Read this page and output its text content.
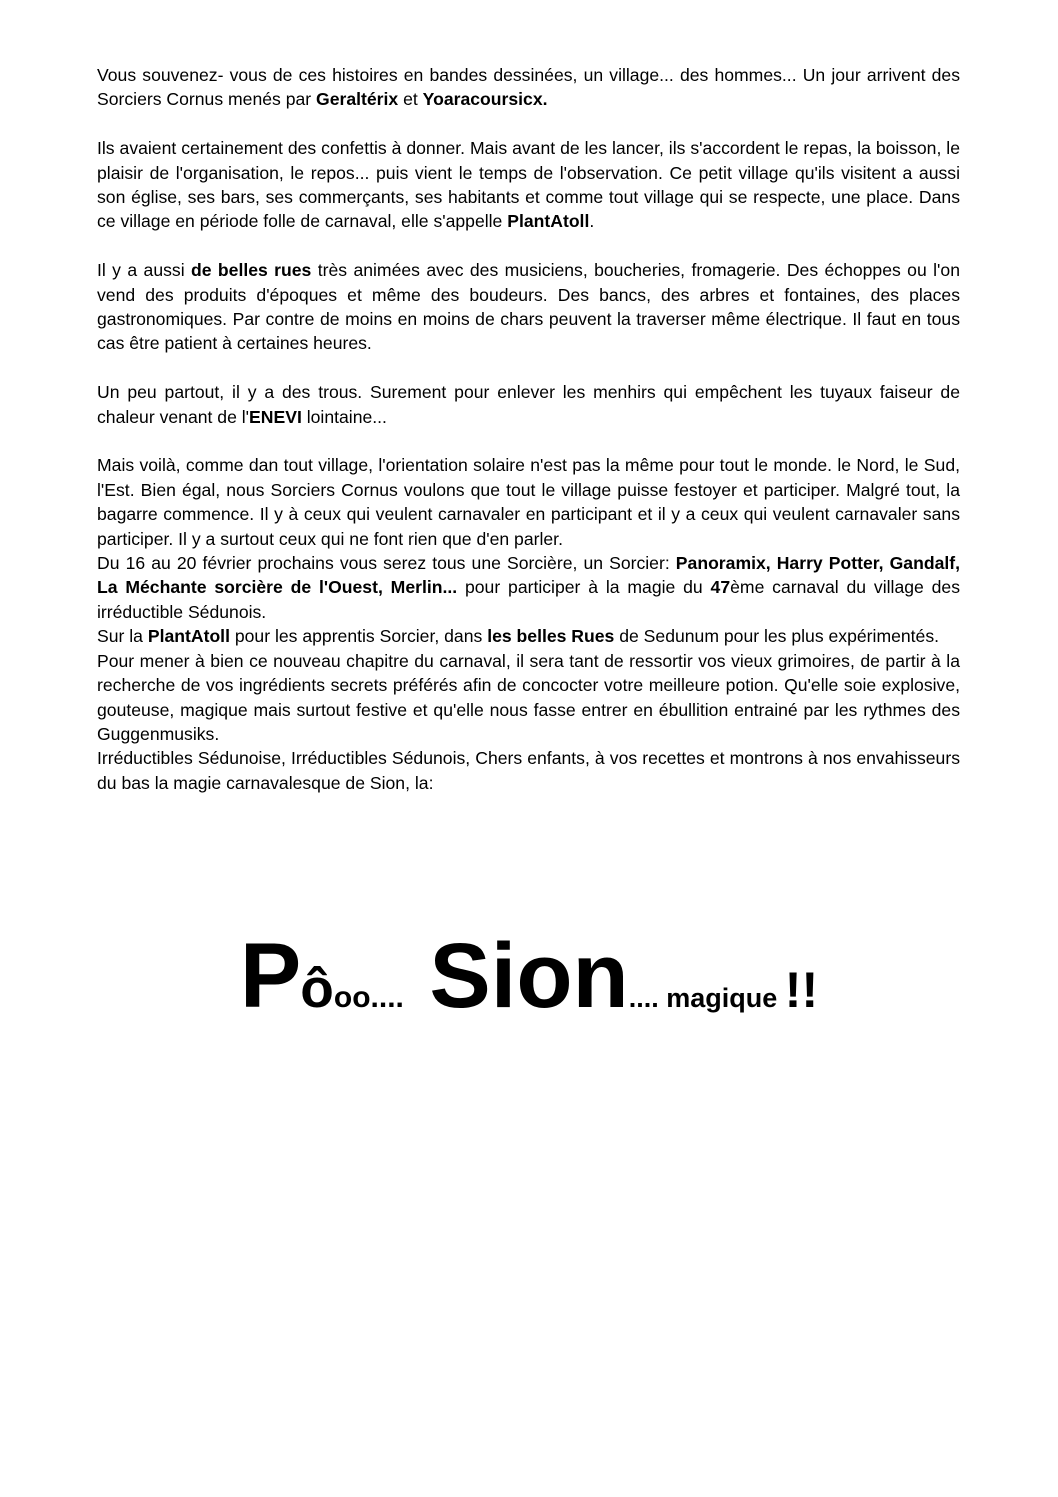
Vous souvenez- vous de ces histoires en bandes dessinées, un village... des hommes... Un jour arrivent des Sorciers Cornus menés par Geraltérix et Yoaracoursicx.

Ils avaient certainement des confettis à donner. Mais avant de les lancer, ils s'accordent le repas, la boisson, le plaisir de l'organisation, le repos... puis vient le temps de l'observation. Ce petit village qu'ils visitent a aussi son église, ses bars, ses commerçants, ses habitants et comme tout village qui se respecte, une place. Dans ce village en période folle de carnaval, elle s'appelle PlantAtoll.

Il y a aussi de belles rues très animées avec des musiciens, boucheries, fromagerie. Des échoppes ou l'on vend des produits d'époques et même des boudeurs. Des bancs, des arbres et fontaines, des places gastronomiques. Par contre de moins en moins de chars peuvent la traverser même électrique. Il faut en tous cas être patient à certaines heures.

Un peu partout, il y a des trous. Surement pour enlever les menhirs qui empêchent les tuyaux faiseur de chaleur venant de l'ENEVI lointaine...

Mais voilà, comme dan tout village, l'orientation solaire n'est pas la même pour tout le monde. le Nord, le Sud, l'Est. Bien égal, nous Sorciers Cornus voulons que tout le village puisse festoyer et participer. Malgré tout, la bagarre commence. Il y à ceux qui veulent carnavaler en participant et il y a ceux qui veulent carnavaler sans participer. Il y a surtout ceux qui ne font rien que d'en parler.

Du 16 au 20 février prochains vous serez tous une Sorcière, un Sorcier: Panoramix, Harry Potter, Gandalf, La Méchante sorcière de l'Ouest, Merlin... pour participer à la magie du 47ème carnaval du village des irréductible Sédunois.

Sur la PlantAtoll pour les apprentis Sorcier, dans les belles Rues de Sedunum pour les plus expérimentés.

Pour mener à bien ce nouveau chapitre du carnaval, il sera tant de ressortir vos vieux grimoires, de partir à la recherche de vos ingrédients secrets préférés afin de concocter votre meilleure potion. Qu'elle soie explosive, gouteuse, magique mais surtout festive et qu'elle nous fasse entrer en ébullition entrainé par les rythmes des Guggenmusiks.

Irréductibles Sédunoise, Irréductibles Sédunois, Chers enfants, à vos recettes et montrons à nos envahisseurs du bas la magie carnavalesque de Sion, la:

Pôoo.... Sion.... magique !!
